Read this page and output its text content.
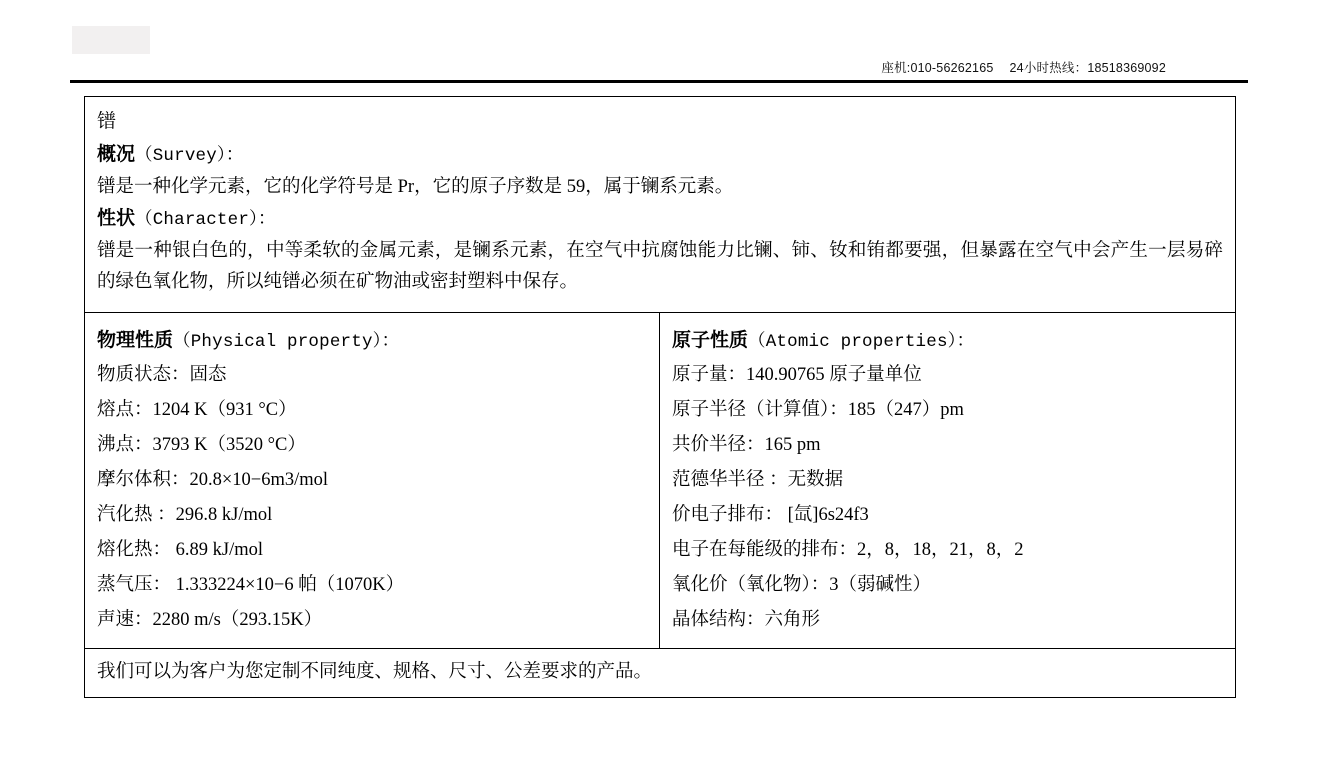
座机:010-56262165 24小时热线：18518369092

镨

概况（Survey）：

镨是一种化学元素，它的化学符号是 Pr，它的原子序数是 59，属于镧系元素。

性状（Character）：

镨是一种银白色的，中等柔软的金属元素，是镧系元素，在空气中抗腐蚀能力比镧、铈、钕和铕都要强，但暴露在空气中会产生一层易碎的绿色氧化物，所以纯镨必须在矿物油或密封塑料中保存。

物理性质（Physical property）：

物质状态：固态

熔点：1204 K（931 °C）

沸点：3793 K（3520 °C）

摩尔体积：20.8×10−6m3/mol

汽化热 ：296.8 kJ/mol

熔化热： 6.89 kJ/mol

蒸气压： 1.333224×10−6 帕（1070K）

声速：2280 m/s（293.15K）

原子性质（Atomic properties）：

原子量：140.90765 原子量单位

原子半径（计算值）：185（247）pm

共价半径：165 pm

范德华半径 ：无数据

价电子排布： [氙]6s24f3

电子在每能级的排布：2，8，18，21，8，2

氧化价（氧化物）：3（弱碱性）

晶体结构：六角形

我们可以为客户为您定制不同纯度、规格、尺寸、公差要求的产品。
